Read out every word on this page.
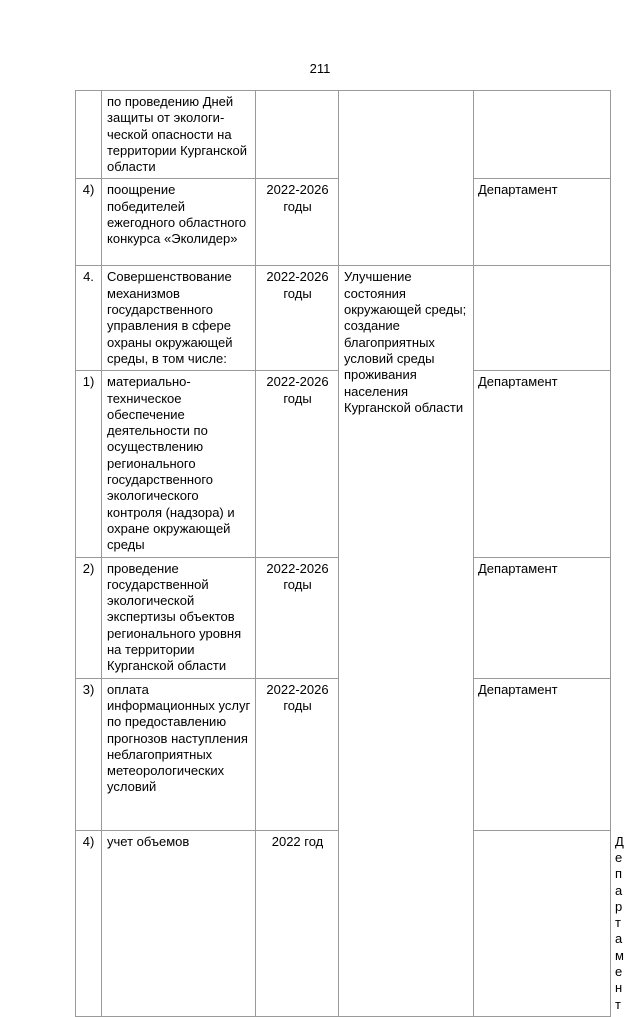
211
	по проведению Дней защиты от экологи-ческой опасности на территории Курганской области				
4)	поощрение победителей ежегодного областного конкурса «Эколидер»	2022-2026 годы		Департамент	
4.	Совершенствование механизмов государственного управления в сфере охраны окружающей среды, в том числе:	2022-2026 годы	Улучшение состояния окружающей среды; создание благоприятных условий среды проживания населения Курганской области		
1)	материально-техническое обеспечение деятельности по осуществлению регионального государственного экологического контроля (надзора) и охране окружающей среды	2022-2026 годы		Департамент	
2)	проведение государственной экологической экспертизы объектов регионального уровня на территории Курганской области	2022-2026 годы		Департамент	
3)	оплата информационных услуг по предоставлению прогнозов наступления неблагоприятных метеорологических условий	2022-2026 годы		Департамент	
4)	учет объемов	2022 год			Департамент
